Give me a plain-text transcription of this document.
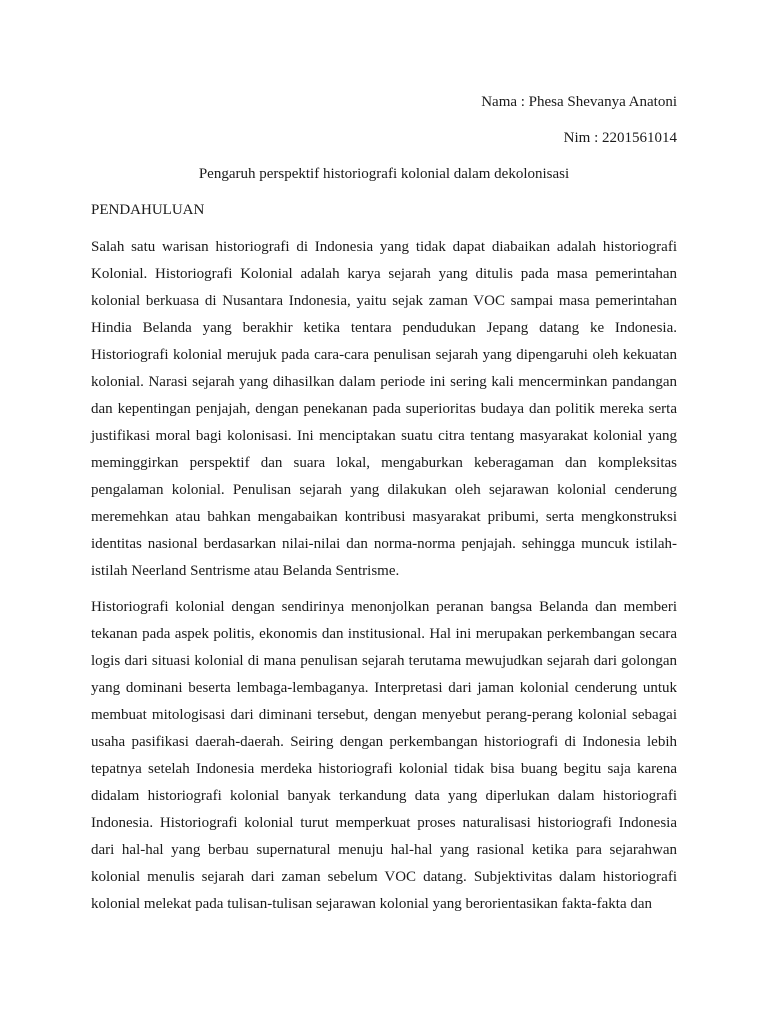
Nama : Phesa Shevanya Anatoni
Nim : 2201561014
Pengaruh perspektif historiografi kolonial dalam dekolonisasi
PENDAHULUAN

Salah satu warisan historiografi di Indonesia yang tidak dapat diabaikan adalah historiografi Kolonial. Historiografi Kolonial adalah karya sejarah yang ditulis pada masa pemerintahan kolonial berkuasa di Nusantara Indonesia, yaitu sejak zaman VOC sampai masa pemerintahan Hindia Belanda yang berakhir ketika tentara pendudukan Jepang datang ke Indonesia. Historiografi kolonial merujuk pada cara-cara penulisan sejarah yang dipengaruhi oleh kekuatan kolonial. Narasi sejarah yang dihasilkan dalam periode ini sering kali mencerminkan pandangan dan kepentingan penjajah, dengan penekanan pada superioritas budaya dan politik mereka serta justifikasi moral bagi kolonisasi. Ini menciptakan suatu citra tentang masyarakat kolonial yang meminggirkan perspektif dan suara lokal, mengaburkan keberagaman dan kompleksitas pengalaman kolonial. Penulisan sejarah yang dilakukan oleh sejarawan kolonial cenderung meremehkan atau bahkan mengabaikan kontribusi masyarakat pribumi, serta mengkonstruksi identitas nasional berdasarkan nilai-nilai dan norma-norma penjajah. sehingga muncuk istilah-istilah Neerland Sentrisme atau Belanda Sentrisme.

Historiografi kolonial dengan sendirinya menonjolkan peranan bangsa Belanda dan memberi tekanan pada aspek politis, ekonomis dan institusional. Hal ini merupakan perkembangan secara logis dari situasi kolonial di mana penulisan sejarah terutama mewujudkan sejarah dari golongan yang dominani beserta lembaga-lembaganya. Interpretasi dari jaman kolonial cenderung untuk membuat mitologisasi dari diminani tersebut, dengan menyebut perang-perang kolonial sebagai usaha pasifikasi daerah-daerah. Seiring dengan perkembangan historiografi di Indonesia lebih tepatnya setelah Indonesia merdeka historiografi kolonial tidak bisa buang begitu saja karena didalam historiografi kolonial banyak terkandung data yang diperlukan dalam historiografi Indonesia. Historiografi kolonial turut memperkuat proses naturalisasi historiografi Indonesia dari hal-hal yang berbau supernatural menuju hal-hal yang rasional ketika para sejarahwan kolonial menulis sejarah dari zaman sebelum VOC datang. Subjektivitas dalam historiografi kolonial melekat pada tulisan-tulisan sejarawan kolonial yang berorientasikan fakta-fakta dan
